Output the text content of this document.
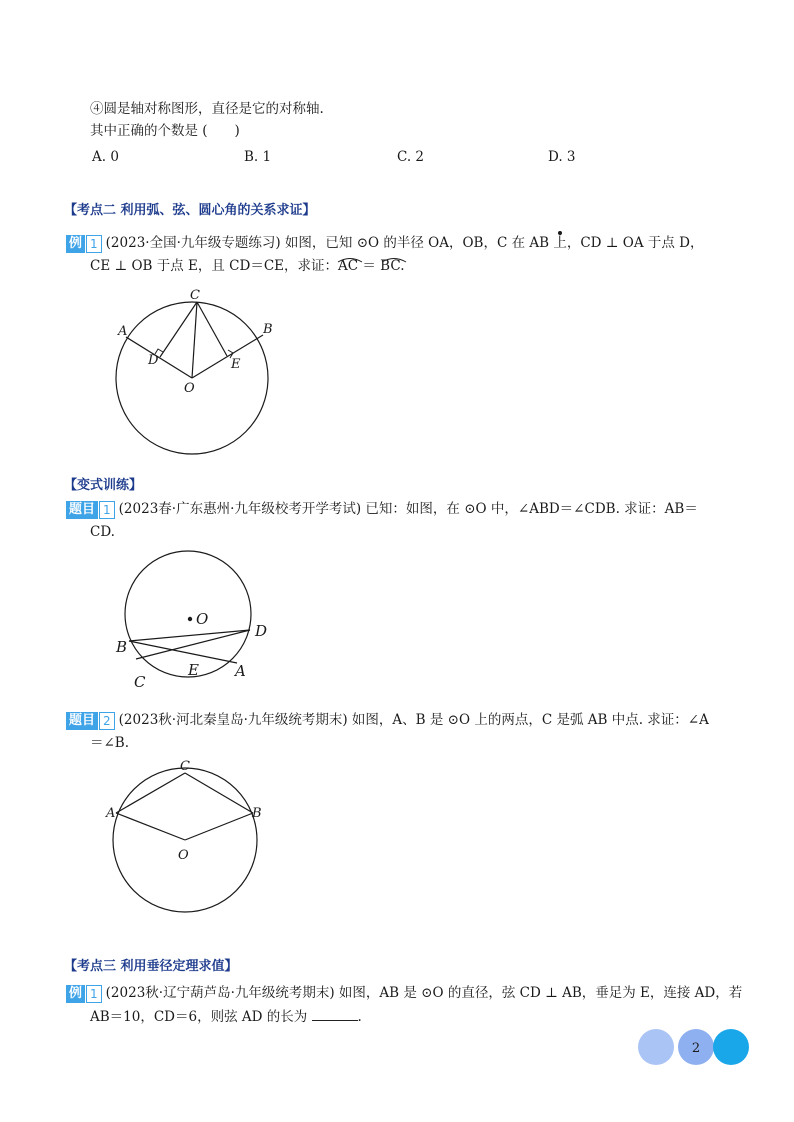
④圆是轴对称图形，直径是它的对称轴.
其中正确的个数是 (　　)
A. 0	B. 1	C. 2	D. 3
【考点二 利用弧、弦、圆心角的关系求证】
例 1 (2023·全国·九年级专题练习) 如图，已知 ⊙O 的半径 OA，OB，C 在 AB 上，CD ⊥ OA 于点 D，
CE ⊥ OB 于点 E，且 CD＝CE，求证：AC ＝ BC.
C
A	B
D	E
O
【变式训练】
题目 1 (2023春·广东惠州·九年级校考开学考试) 已知：如图，在 ⊙O 中，∠ABD＝∠CDB. 求证：AB＝
CD.
O
B
D
E A
C
题目 2 (2023秋·河北秦皇岛·九年级统考期末) 如图，A、B 是 ⊙O 上的两点，C 是弧 AB 中点. 求证：∠A
＝∠B.
C
A	B
O
【考点三 利用垂径定理求值】
例 1 (2023秋·辽宁葫芦岛·九年级统考期末) 如图，AB 是 ⊙O 的直径，弦 CD ⊥ AB，垂足为 E，连接 AD，若
AB＝10，CD＝6，则弦 AD 的长为	.
2
